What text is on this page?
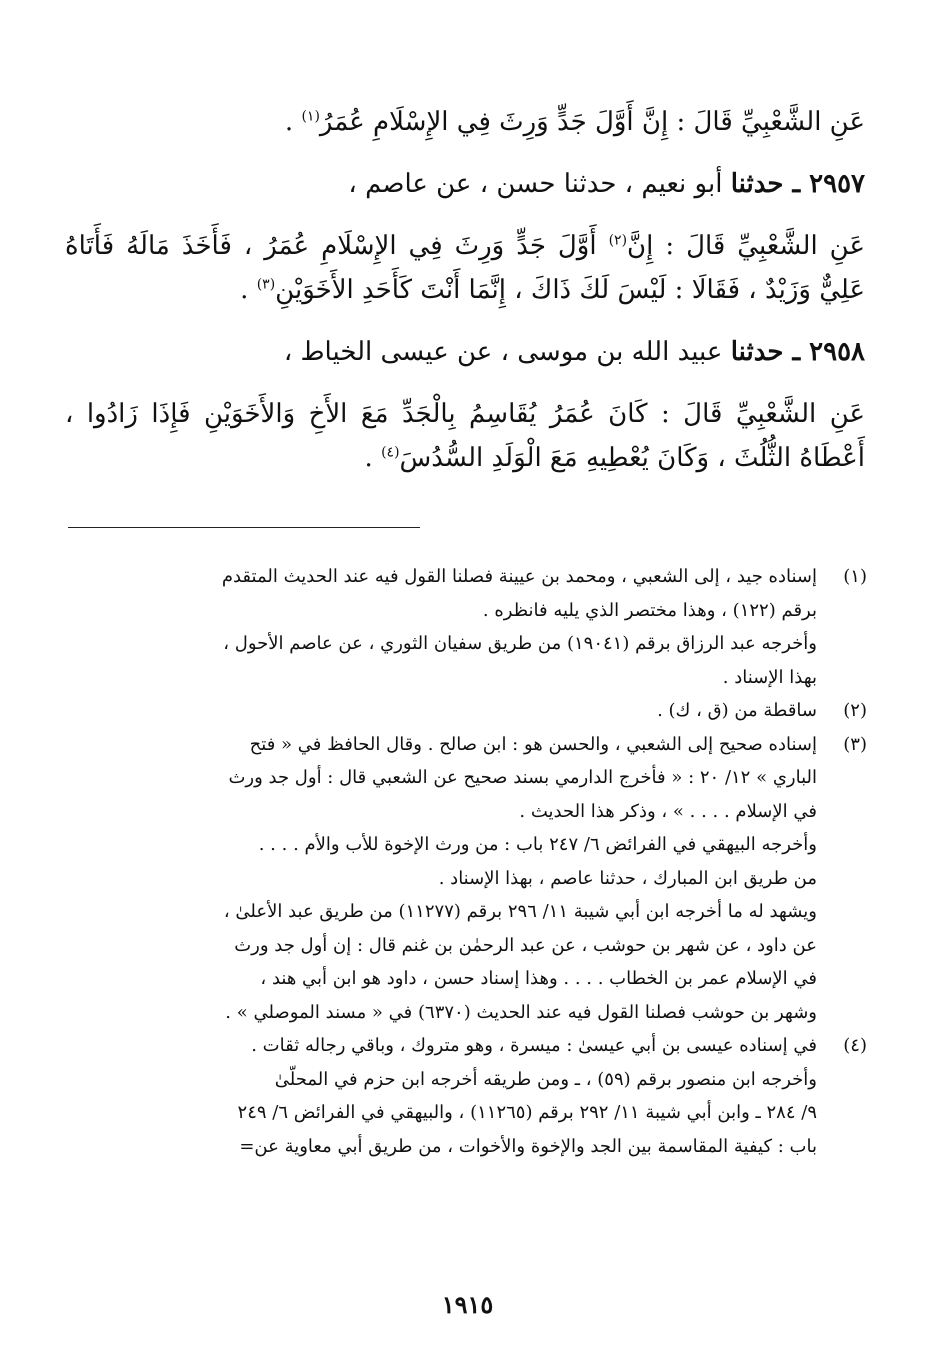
عَنِ الشَّعْبِيِّ قَالَ : إِنَّ أَوَّلَ جَدٍّ وَرِثَ فِي الإِسْلَامِ عُمَرُ$^{(١)}$ .

٢٩٥٧ ـ حدثنا أبو نعيم ، حدثنا حسن ، عن عاصم ،

عَنِ الشَّعْبِيِّ قَالَ : إِنَّ$^{(٢)}$ أَوَّلَ جَدٍّ وَرِثَ فِي الإِسْلَامِ عُمَرُ ، فَأَخَذَ مَالَهُ فَأَتَاهُ عَلِيٌّ وَزَيْدٌ ، فَقَالَا : لَيْسَ لَكَ ذَاكَ ، إِنَّمَا أَنْتَ كَأَحَدِ الأَخَوَيْنِ$^{(٣)}$ .

٢٩٥٨ ـ حدثنا عبيد الله بن موسى ، عن عيسى الخياط ،

عَنِ الشَّعْبِيِّ قَالَ : كَانَ عُمَرُ يُقَاسِمُ بِالْجَدِّ مَعَ الأَخِ وَالأَخَوَيْنِ فَإِذَا زَادُوا ، أَعْطَاهُ الثُّلُثَ ، وَكَانَ يُعْطِيهِ مَعَ الْوَلَدِ السُّدُسَ$^{(٤)}$ .

(١)
إسناده جيد ، إلى الشعبي ، ومحمد بن عيينة فصلنا القول فيه عند الحديث المتقدم
برقم (١٢٢) ، وهذا مختصر الذي يليه فانظره .
وأخرجه عبد الرزاق برقم (١٩٠٤١) من طريق سفيان الثوري ، عن عاصم الأحول ،
بهذا الإسناد .
(٢)
ساقطة من (ق ، ك) .
(٣)
إسناده صحيح إلى الشعبي ، والحسن هو : ابن صالح . وقال الحافظ في « فتح
الباري » ١٢/ ٢٠ : « فأخرج الدارمي بسند صحيح عن الشعبي قال : أول جد ورث
في الإسلام . . . . » ، وذكر هذا الحديث .
وأخرجه البيهقي في الفرائض ٦/ ٢٤٧ باب : من ورث الإخوة للأب والأم . . . .
من طريق ابن المبارك ، حدثنا عاصم ، بهذا الإسناد .
ويشهد له ما أخرجه ابن أبي شيبة ١١/ ٢٩٦ برقم (١١٢٧٧) من طريق عبد الأعلىٰ ،
عن داود ، عن شهر بن حوشب ، عن عبد الرحمٰن بن غنم قال : إن أول جد ورث
في الإسلام عمر بن الخطاب . . . . وهذا إسناد حسن ، داود هو ابن أبي هند ،
وشهر بن حوشب فصلنا القول فيه عند الحديث (٦٣٧٠) في « مسند الموصلي » .
(٤)
في إسناده عيسى بن أبي عيسىٰ : ميسرة ، وهو متروك ، وباقي رجاله ثقات .
وأخرجه ابن منصور برقم (٥٩) ، ـ ومن طريقه أخرجه ابن حزم في المحلّىٰ
٩/ ٢٨٤ ـ وابن أبي شيبة ١١/ ٢٩٢ برقم (١١٢٦٥) ، والبيهقي في الفرائض ٦/ ٢٤٩
باب : كيفية المقاسمة بين الجد والإخوة والأخوات ، من طريق أبي معاوية عن=
١٩١٥
